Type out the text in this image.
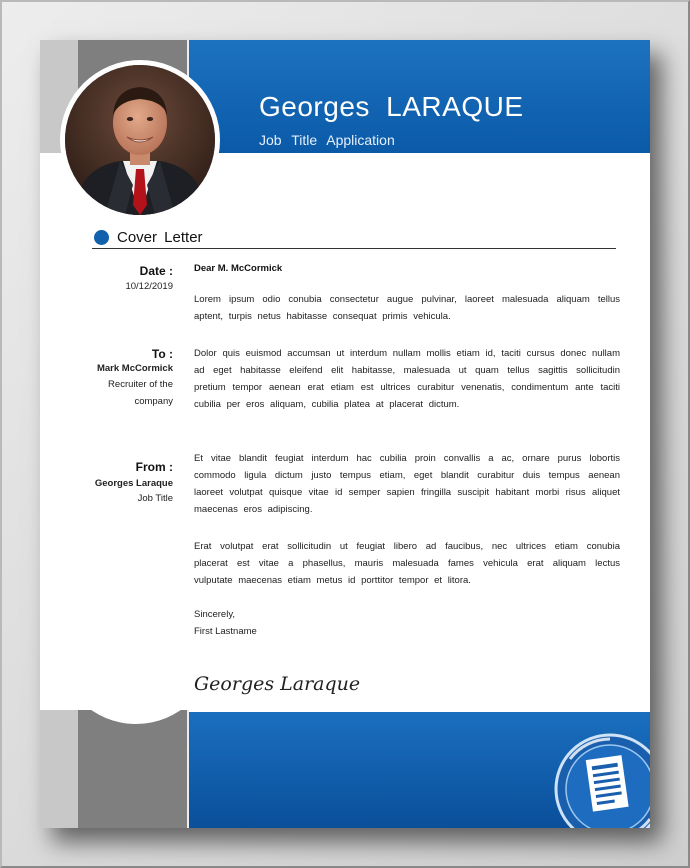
Georges LARAQUE
Job Title Application
Cover Letter
Date :
10/12/2019
To :
Mark McCormick
Recruiter of the
company
From :
Georges Laraque
Job Title
Dear M. McCormick

Lorem ipsum odio conubia consectetur augue pulvinar, laoreet malesuada aliquam tellus aptent, turpis netus habitasse consequat primis vehicula.

Dolor quis euismod accumsan ut interdum nullam mollis etiam id, taciti cursus donec nullam ad eget habitasse eleifend elit habitasse, malesuada ut quam tellus sagittis sollicitudin pretium tempor aenean erat etiam est ultrices curabitur venenatis, condimentum ante taciti cubilia per eros aliquam, cubilia platea at placerat dictum.

Et vitae blandit feugiat interdum hac cubilia proin convallis a ac, ornare purus lobortis commodo ligula dictum justo tempus etiam, eget blandit curabitur duis tempus aenean laoreet volutpat quisque vitae id semper sapien fringilla suscipit habitant morbi risus aliquet maecenas eros adipiscing.

Erat volutpat erat sollicitudin ut feugiat libero ad faucibus, nec ultrices etiam conubia placerat est vitae a phasellus, mauris malesuada fames vehicula erat aliquam lectus vulputate maecenas etiam metus id porttitor tempor et litora.

Sincerely,
First Lastname
Georges Laraque
